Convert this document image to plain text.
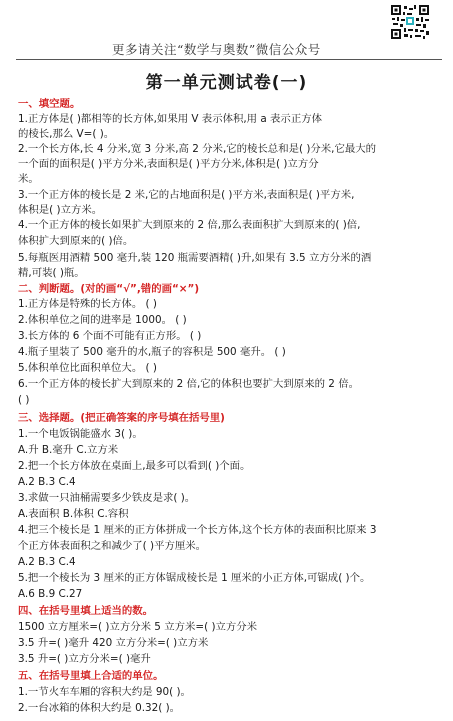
更多请关注“数学与奥数”微信公众号
第一单元测试卷(一)
一、填空题。
1.正方体是( )都相等的长方体,如果用 V 表示体积,用 a 表示正方体
的棱长,那么 V=( )。
2.一个长方体,长 4 分米,宽 3 分米,高 2 分米,它的棱长总和是( )分米,它最大的
一个面的面积是( )平方分米,表面积是( )平方分米,体积是( )立方分
米。
3.一个正方体的棱长是 2 米,它的占地面积是( )平方米,表面积是( )平方米,
体积是( )立方米。
4.一个正方体的棱长如果扩大到原来的 2 倍,那么表面积扩大到原来的( )倍,
体积扩大到原来的( )倍。
5.每瓶医用酒精 500 毫升,装 120 瓶需要酒精( )升,如果有 3.5 立方分米的酒
精,可装( )瓶。
二、判断题。(对的画“√”,错的画“×”)
1.正方体是特殊的长方体。 ( )
2.体积单位之间的进率是 1000。 ( )
3.长方体的 6 个面不可能有正方形。 ( )
4.瓶子里装了 500 毫升的水,瓶子的容积是 500 毫升。 ( )
5.体积单位比面积单位大。 ( )
6.一个正方体的棱长扩大到原来的 2 倍,它的体积也要扩大到原来的 2 倍。
( )
三、选择题。(把正确答案的序号填在括号里)
1.一个电饭锅能盛水 3( )。
A.升 B.毫升 C.立方米
2.把一个长方体放在桌面上,最多可以看到( )个面。
A.2 B.3 C.4
3.求做一只油桶需要多少铁皮是求( )。
A.表面积 B.体积 C.容积
4.把三个棱长是 1 厘米的正方体拼成一个长方体,这个长方体的表面积比原来 3
个正方体表面积之和减少了( )平方厘米。
A.2 B.3 C.4
5.把一个棱长为 3 厘米的正方体锯成棱长是 1 厘米的小正方体,可锯成( )个。
A.6 B.9 C.27
四、在括号里填上适当的数。
1500 立方厘米=( )立方分米 5 立方米=( )立方分米
3.5 升=( )毫升 420 立方分米=( )立方米
3.5 升=( )立方分米=( )毫升
五、在括号里填上合适的单位。
1.一节火车车厢的容积大约是 90( )。
2.一台冰箱的体积大约是 0.32( )。
